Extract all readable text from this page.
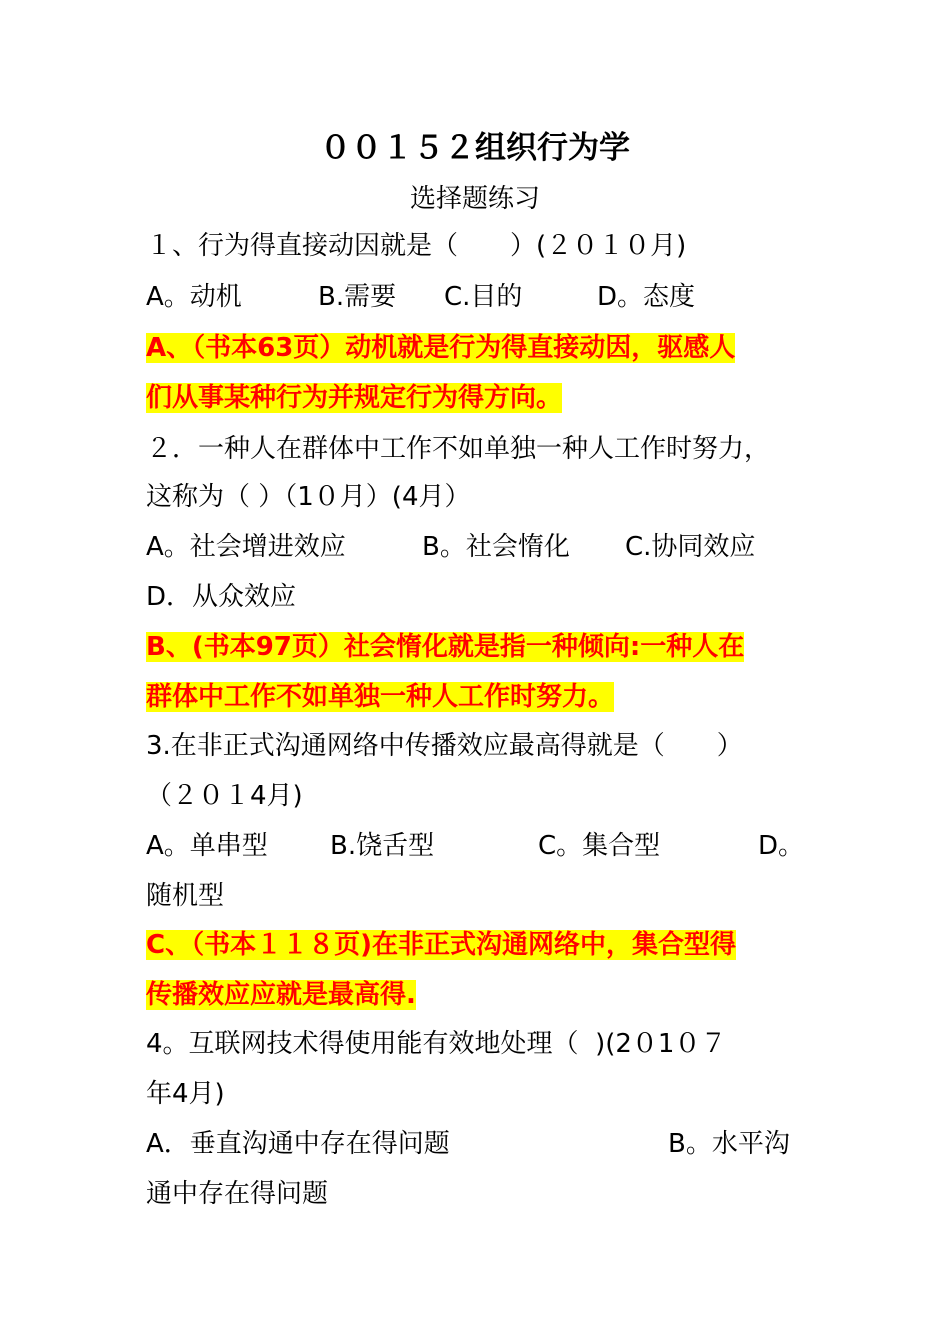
００１５２组织行为学
选择题练习
１、行为得直接动因就是（　　）(２０１０月)
A。动机	B.需要 C.目的	D。态度
A、（书本63页）动机就是行为得直接动因，驱感人
们从事某种行为并规定行为得方向。
２．一种人在群体中工作不如单独一种人工作时努力，
这称为（ ）（1０月）(4月）
A。社会增进效应	B。社会惰化 C.协同效应
D．从众效应
B、(书本97页）社会惰化就是指一种倾向:一种人在
群体中工作不如单独一种人工作时努力。
3.在非正式沟通网络中传播效应最高得就是（　　）
（２０１4月)
A。单串型 B.饶舌型	C。集合型	D。
随机型
C、（书本１１８页)在非正式沟通网络中，集合型得
传播效应应就是最高得.
4。互联网技术得使用能有效地处理（  )(2０1０７
年4月)
A．垂直沟通中存在得问题	B。水平沟
通中存在得问题
